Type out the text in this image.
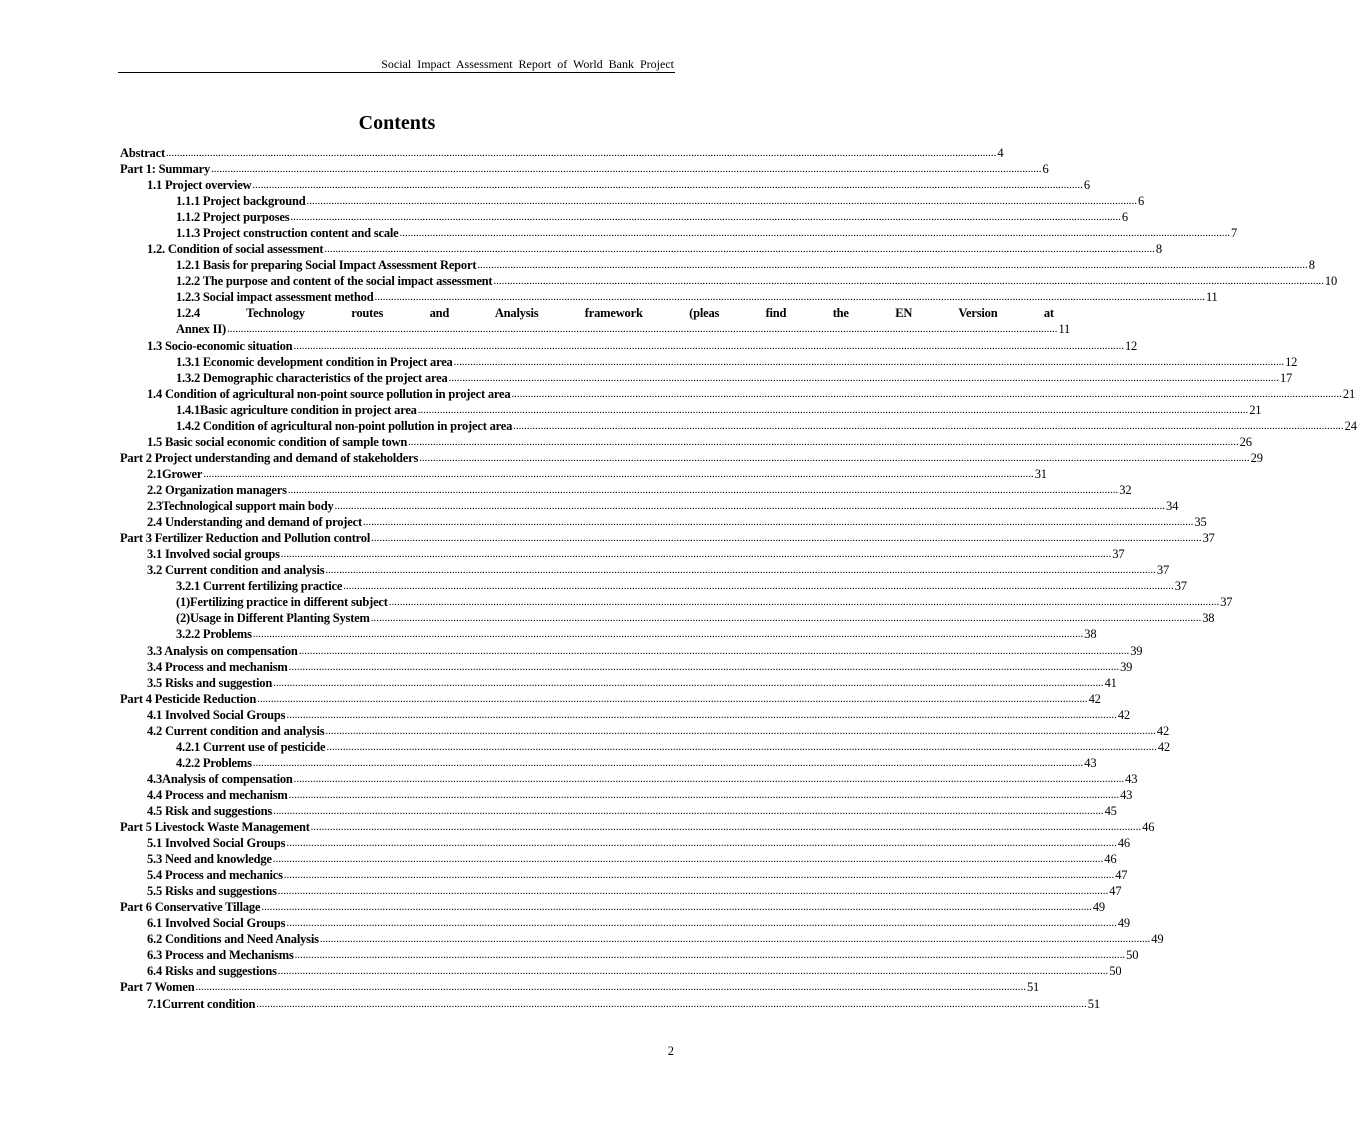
Social Impact Assessment Report of World Bank Project
Contents
Abstract .....	4
Part 1: Summary .....	6
1.1 Project overview .....	6
1.1.1 Project background .....	6
1.1.2 Project purposes .....	6
1.1.3 Project construction content and scale .....	7
1.2. Condition of social assessment .....	8
1.2.1 Basis for preparing Social Impact Assessment Report .....	8
1.2.2 The purpose and content of the social impact assessment .....	10
1.2.3 Social impact assessment method .....	11
1.2.4 Technology routes and Analysis framework (pleas find the EN Version at
Annex II) .....	11
1.3 Socio-economic situation .....	12
1.3.1 Economic development condition in Project area .....	12
1.3.2 Demographic characteristics of the project area .....	17
1.4 Condition of agricultural non-point source pollution in project area .....	21
1.4.1Basic agriculture condition in project area .....	21
1.4.2 Condition of agricultural non-point pollution in project area .....	24
1.5 Basic social economic condition of sample town .....	26
Part 2 Project understanding and demand of stakeholders .....	29
2.1Grower .....	31
2.2 Organization managers .....	32
2.3Technological support main body .....	34
2.4 Understanding and demand of project .....	35
Part 3 Fertilizer Reduction and Pollution control .....	37
3.1 Involved social groups .....	37
3.2 Current condition and analysis .....	37
3.2.1 Current fertilizing practice .....	37
(1)Fertilizing practice in different subject .....	37
(2)Usage in Different Planting System .....	38
3.2.2 Problems .....	38
3.3 Analysis on compensation .....	39
3.4 Process and mechanism .....	39
3.5 Risks and suggestion .....	41
Part 4 Pesticide Reduction .....	42
4.1 Involved Social Groups .....	42
4.2 Current condition and analysis .....	42
4.2.1 Current use of pesticide .....	42
4.2.2 Problems .....	43
4.3Analysis of compensation .....	43
4.4 Process and mechanism .....	43
4.5 Risk and suggestions .....	45
Part 5 Livestock Waste Management .....	46
5.1 Involved Social Groups .....	46
5.3 Need and knowledge .....	46
5.4 Process and mechanics .....	47
5.5 Risks and suggestions .....	47
Part 6 Conservative Tillage .....	49
6.1 Involved Social Groups .....	49
6.2 Conditions and Need Analysis .....	49
6.3 Process and Mechanisms .....	50
6.4 Risks and suggestions .....	50
Part 7 Women .....	51
7.1Current condition .....	51
2
